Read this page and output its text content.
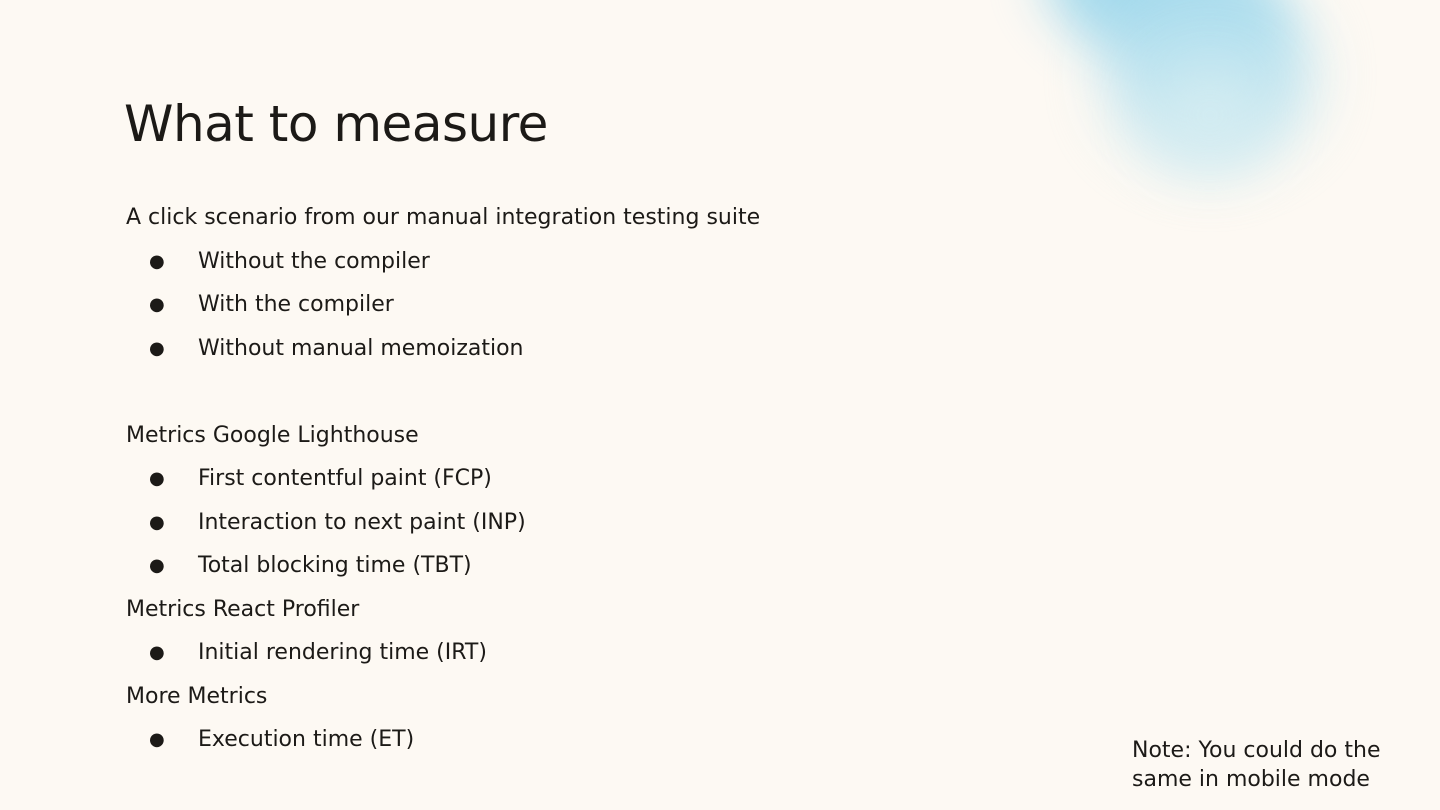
What to measure

A click scenario from our manual integration testing suite

● Without the compiler
● With the compiler
● Without manual memoization

Metrics Google Lighthouse

● First contentful paint (FCP)
● Interaction to next paint (INP)
● Total blocking time (TBT)

Metrics React Profiler

● Initial rendering time (IRT)

More Metrics

● Execution time (ET)	Note: You could do the same in mobile mode
